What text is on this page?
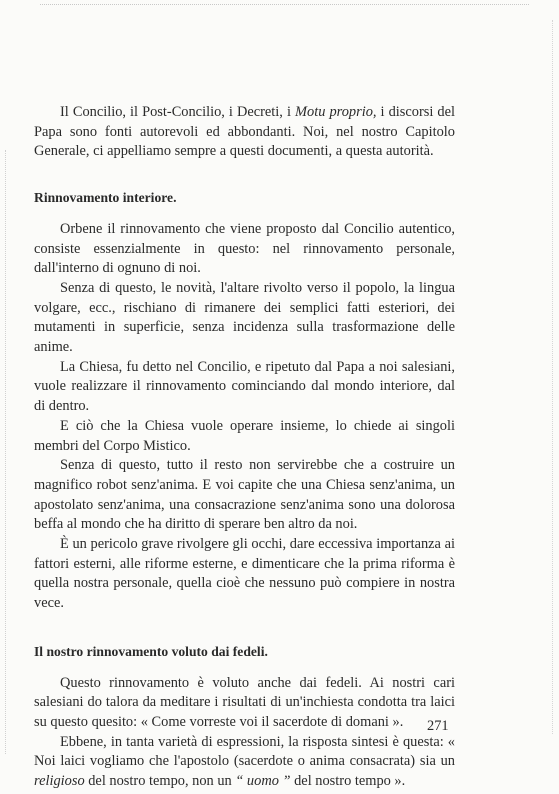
Il Concilio, il Post-Concilio, i Decreti, i Motu proprio, i discorsi del Papa sono fonti autorevoli ed abbondanti. Noi, nel nostro Capitolo Generale, ci appelliamo sempre a questi documenti, a questa autorità.

Rinnovamento interiore.

Orbene il rinnovamento che viene proposto dal Concilio autentico, consiste essenzialmente in questo: nel rinnovamento personale, dall'interno di ognuno di noi.

Senza di questo, le novità, l'altare rivolto verso il popolo, la lingua volgare, ecc., rischiano di rimanere dei semplici fatti esteriori, dei mutamenti in superficie, senza incidenza sulla trasformazione delle anime.

La Chiesa, fu detto nel Concilio, e ripetuto dal Papa a noi salesiani, vuole realizzare il rinnovamento cominciando dal mondo interiore, dal di dentro.

E ciò che la Chiesa vuole operare insieme, lo chiede ai singoli membri del Corpo Mistico.

Senza di questo, tutto il resto non servirebbe che a costruire un magnifico robot senz'anima. E voi capite che una Chiesa senz'anima, un apostolato senz'anima, una consacrazione senz'anima sono una dolorosa beffa al mondo che ha diritto di sperare ben altro da noi.

È un pericolo grave rivolgere gli occhi, dare eccessiva importanza ai fattori esterni, alle riforme esterne, e dimenticare che la prima riforma è quella nostra personale, quella cioè che nessuno può compiere in nostra vece.

Il nostro rinnovamento voluto dai fedeli.

Questo rinnovamento è voluto anche dai fedeli. Ai nostri cari salesiani do talora da meditare i risultati di un'inchiesta condotta tra laici su questo quesito: « Come vorreste voi il sacerdote di domani ».

Ebbene, in tanta varietà di espressioni, la risposta sintesi è questa: « Noi laici vogliamo che l'apostolo (sacerdote o anima consacrata) sia un religioso del nostro tempo, non un “ uomo ” del nostro tempo ».

271
